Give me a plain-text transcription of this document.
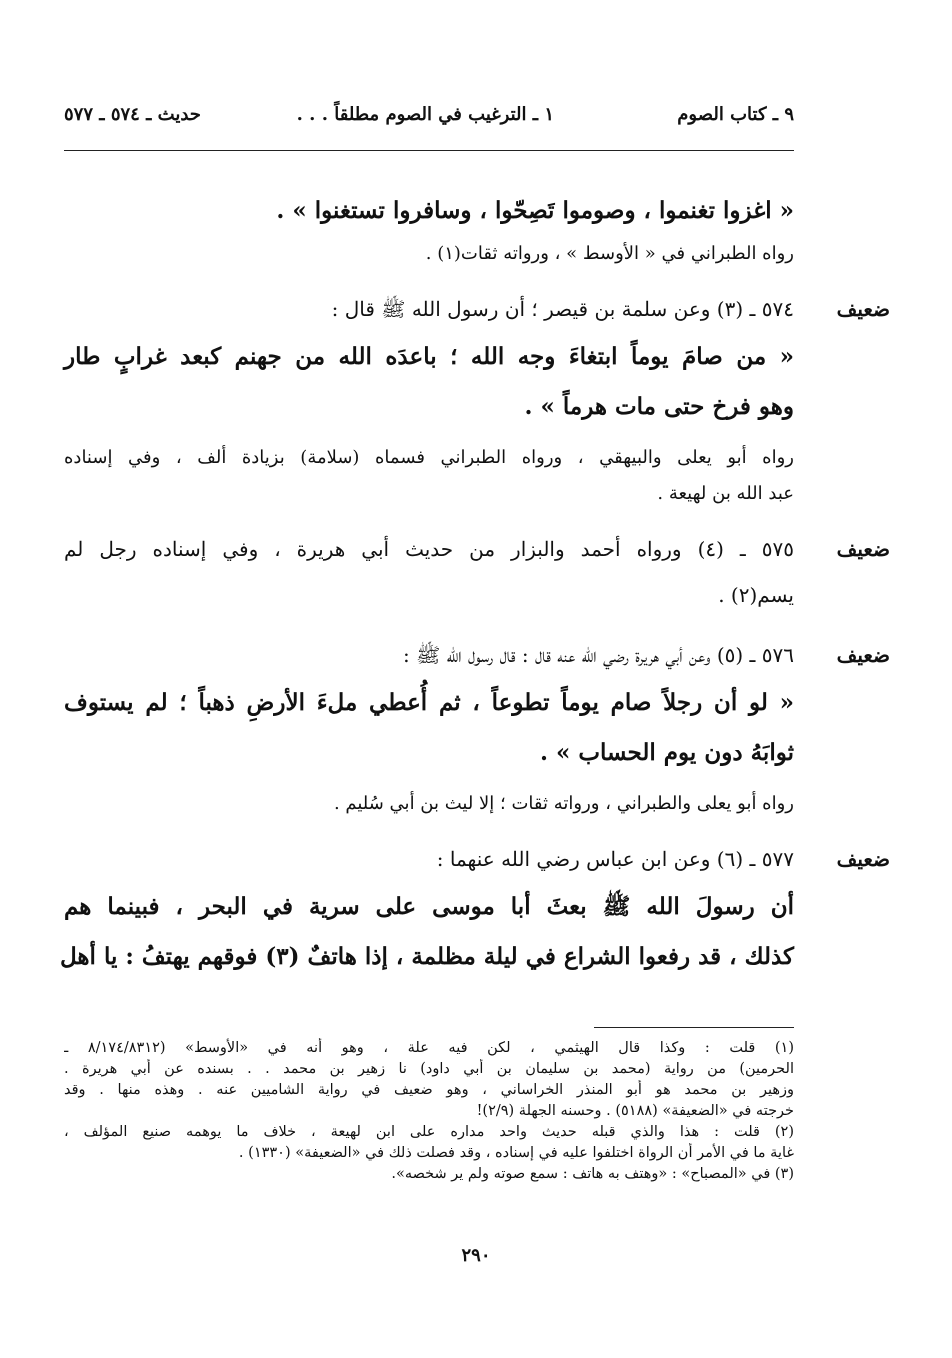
٩ ـ كتاب الصوم
١ ـ الترغيب في الصوم مطلقاً . . .
حديث ـ ٥٧٤ ـ ٥٧٧
« اغزوا تغنموا ، وصوموا تَصِحّوا ، وسافروا تستغنوا » .
رواه الطبراني في « الأوسط » ، ورواته ثقات(١) .
ضعيف
٥٧٤ ـ (٣) وعن سلمة بن قيصر ؛ أن رسول الله ﷺ قال :
« من صامَ يوماً ابتغاءَ وجه الله ؛ باعدَه الله من جهنم كبعد غرابٍ طار
وهو فرخ حتى مات هرماً » .
رواه أبو يعلى والبيهقي ، ورواه الطبراني فسماه (سلامة) بزيادة ألف ، وفي إسناده
عبد الله بن لهيعة .
ضعيف
٥٧٥ ـ (٤) ورواه أحمد والبزار من حديث أبي هريرة ، وفي إسناده رجل لم
يسم(٢) .
ضعيف
٥٧٦ ـ (٥) وعن أبي هريرة رضي الله عنه قال : قال رسول الله ﷺ :
« لو أن رجلاً صام يوماً تطوعاً ، ثم أُعطي ملءَ الأرضِ ذهباً ؛ لم يستوف
ثوابَهُ دون يوم الحساب » .
رواه أبو يعلى والطبراني ، ورواته ثقات ؛ إلا ليث بن أبي سُليم .
ضعيف
٥٧٧ ـ (٦) وعن ابن عباس رضي الله عنهما :
أن رسولَ الله ﷺ بعثَ أبا موسى على سرية في البحر ، فبينما هم
كذلك ، قد رفعوا الشراع في ليلة مظلمة ، إذا هاتفٌ (٣) فوقهم يهتفُ : يا أهل
(١) قلت : وكذا قال الهيثمي ، لكن فيه علة ، وهو أنه في «الأوسط» (٨/١٧٤/٨٣١٢ ـ
الحرمين) من رواية (محمد بن سليمان بن أبي داود) نا زهير بن محمد . . بسنده عن أبي هريرة .
وزهير بن محمد هو أبو المنذر الخراساني ، وهو ضعيف في رواية الشاميين عنه . وهذه منها . وقد
خرجته في «الضعيفة» (٥١٨٨) . وحسنه الجهلة (٢/٩)!
(٢) قلت : هذا والذي قبله حديث واحد مداره على ابن لهيعة ، خلاف ما يوهمه صنيع المؤلف ،
غاية ما في الأمر أن الرواة اختلفوا عليه في إسناده ، وقد فصلت ذلك في «الضعيفة» (١٣٣٠) .
(٣) في «المصباح» : «وهتف به هاتف : سمع صوته ولم ير شخصه».
٢٩٠
